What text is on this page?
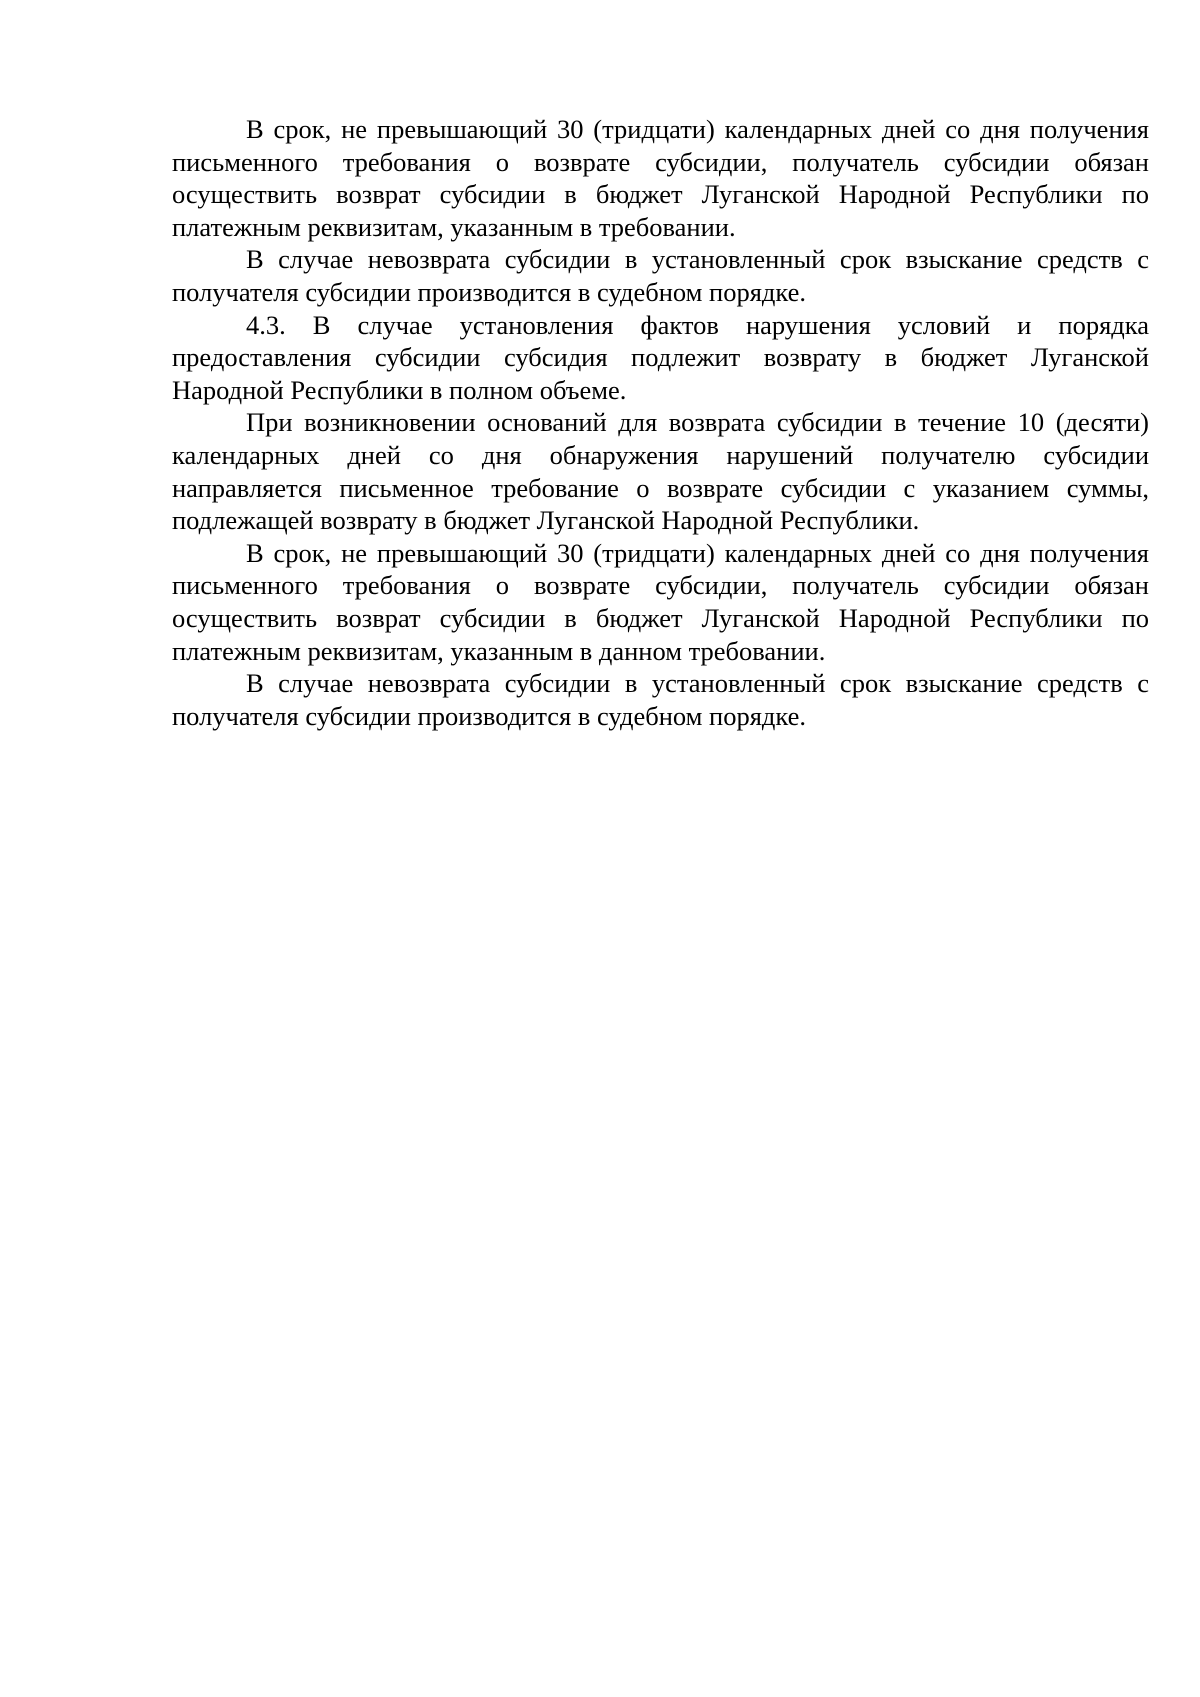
В срок, не превышающий 30 (тридцати) календарных дней со дня получения письменного требования о возврате субсидии, получатель субсидии обязан осуществить возврат субсидии в бюджет Луганской Народной Республики по платежным реквизитам, указанным в требовании.

В случае невозврата субсидии в установленный срок взыскание средств с получателя субсидии производится в судебном порядке.

4.3. В случае установления фактов нарушения условий и порядка предоставления субсидии субсидия подлежит возврату в бюджет Луганской Народной Республики в полном объеме.

При возникновении оснований для возврата субсидии в течение 10 (десяти) календарных дней со дня обнаружения нарушений получателю субсидии направляется письменное требование о возврате субсидии с указанием суммы, подлежащей возврату в бюджет Луганской Народной Республики.

В срок, не превышающий 30 (тридцати) календарных дней со дня получения письменного требования о возврате субсидии, получатель субсидии обязан осуществить возврат субсидии в бюджет Луганской Народной Республики по платежным реквизитам, указанным в данном требовании.

В случае невозврата субсидии в установленный срок взыскание средств с получателя субсидии производится в судебном порядке.
